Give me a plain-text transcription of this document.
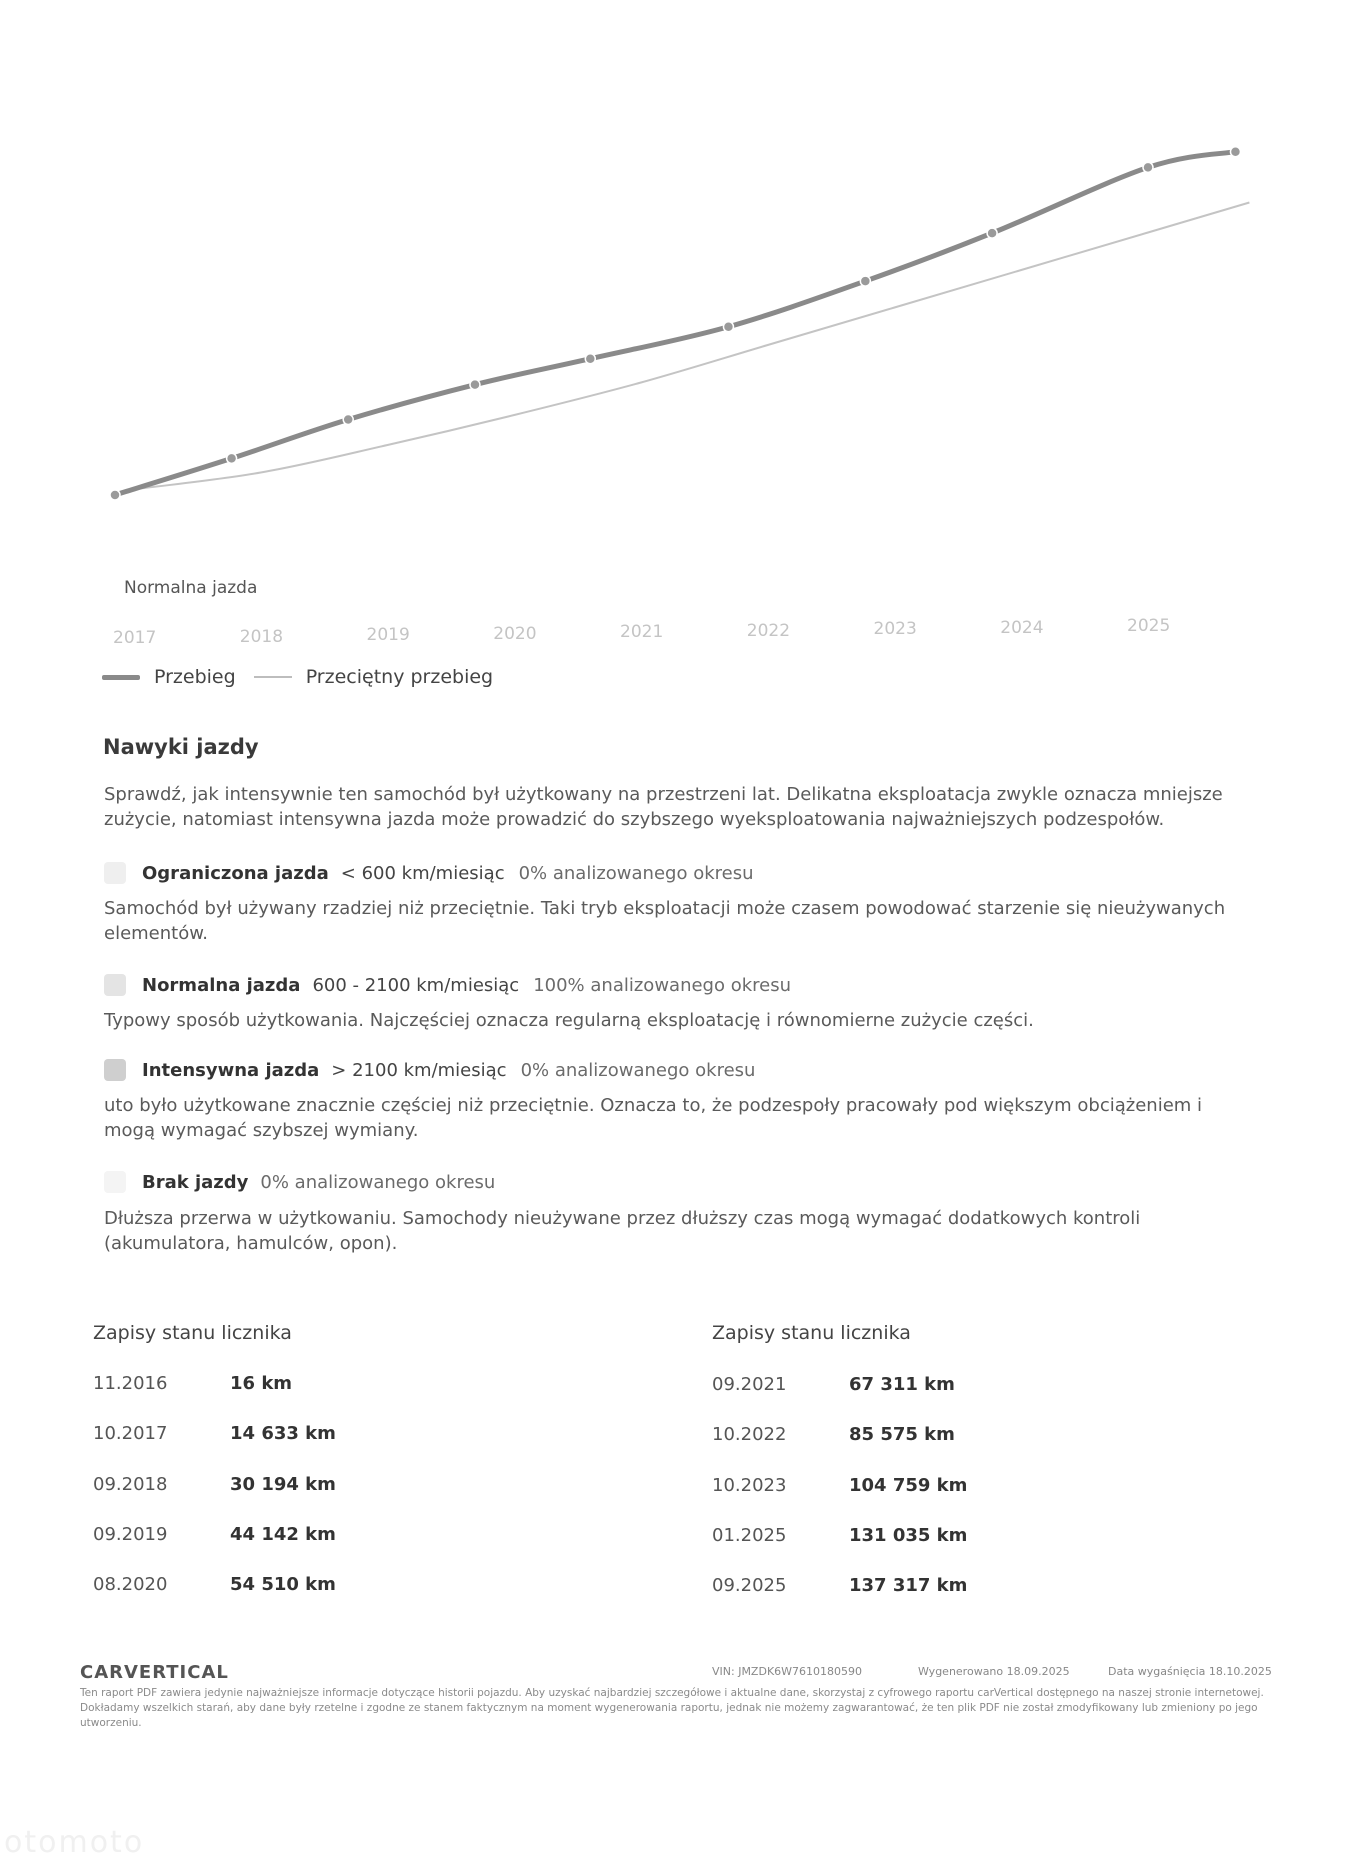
Normalna jazda
2017	2018	2019	2020	2021	2022	2023	2024	2025
Przebieg	Przeciętny przebieg
Nawyki jazdy
Sprawdź, jak intensywnie ten samochód był użytkowany na przestrzeni lat. Delikatna eksploatacja zwykle oznacza mniejsze zużycie, natomiast intensywna jazda może prowadzić do szybszego wyeksploatowania najważniejszych podzespołów.
Ograniczona jazda < 600 km/miesiąc 0% analizowanego okresu
Samochód był używany rzadziej niż przeciętnie. Taki tryb eksploatacji może czasem powodować starzenie się nieużywanych elementów.
Normalna jazda 600 - 2100 km/miesiąc 100% analizowanego okresu
Typowy sposób użytkowania. Najczęściej oznacza regularną eksploatację i równomierne zużycie części.
Intensywna jazda > 2100 km/miesiąc 0% analizowanego okresu
uto było użytkowane znacznie częściej niż przeciętnie. Oznacza to, że podzespoły pracowały pod większym obciążeniem i mogą wymagać szybszej wymiany.
Brak jazdy 0% analizowanego okresu
Dłuższa przerwa w użytkowaniu. Samochody nieużywane przez dłuższy czas mogą wymagać dodatkowych kontroli (akumulatora, hamulców, opon).
Zapisy stanu licznika
11.2016	16 km
10.2017	14 633 km
09.2018	30 194 km
09.2019	44 142 km
08.2020	54 510 km
Zapisy stanu licznika
09.2021	67 311 km
10.2022	85 575 km
10.2023	104 759 km
01.2025	131 035 km
09.2025	137 317 km
CARVERTICAL	VIN: JMZDK6W7610180590	Wygenerowano 18.09.2025	Data wygaśnięcia 18.10.2025
Ten raport PDF zawiera jedynie najważniejsze informacje dotyczące historii pojazdu. Aby uzyskać najbardziej szczegółowe i aktualne dane, skorzystaj z cyfrowego raportu carVertical dostępnego na naszej stronie internetowej. Dokładamy wszelkich starań, aby dane były rzetelne i zgodne ze stanem faktycznym na moment wygenerowania raportu, jednak nie możemy zagwarantować, że ten plik PDF nie został zmodyfikowany lub zmieniony po jego utworzeniu.
otomoto
